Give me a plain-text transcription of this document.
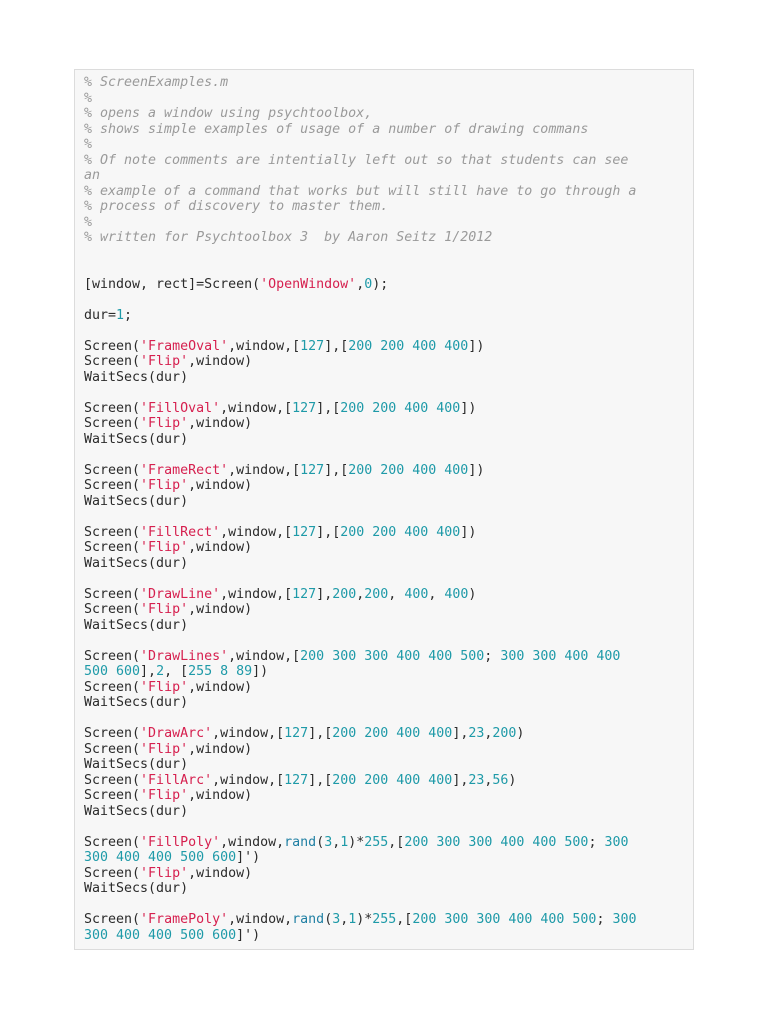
% ScreenExamples.m
%
% opens a window using psychtoolbox,
% shows simple examples of usage of a number of drawing commans
%
% Of note comments are intentially left out so that students can see
an
% example of a command that works but will still have to go through a
% process of discovery to master them.
%
% written for Psychtoolbox 3  by Aaron Seitz 1/2012

[window, rect]=Screen('OpenWindow',0);

dur=1;

Screen('FrameOval',window,[127],[200 200 400 400])
Screen('Flip',window)
WaitSecs(dur)

Screen('FillOval',window,[127],[200 200 400 400])
Screen('Flip',window)
WaitSecs(dur)

Screen('FrameRect',window,[127],[200 200 400 400])
Screen('Flip',window)
WaitSecs(dur)

Screen('FillRect',window,[127],[200 200 400 400])
Screen('Flip',window)
WaitSecs(dur)

Screen('DrawLine',window,[127],200,200, 400, 400)
Screen('Flip',window)
WaitSecs(dur)

Screen('DrawLines',window,[200 300 300 400 400 500; 300 300 400 400
500 600],2, [255 8 89])
Screen('Flip',window)
WaitSecs(dur)

Screen('DrawArc',window,[127],[200 200 400 400],23,200)
Screen('Flip',window)
WaitSecs(dur)
Screen('FillArc',window,[127],[200 200 400 400],23,56)
Screen('Flip',window)
WaitSecs(dur)

Screen('FillPoly',window,rand(3,1)*255,[200 300 300 400 400 500; 300
300 400 400 500 600]')
Screen('Flip',window)
WaitSecs(dur)

Screen('FramePoly',window,rand(3,1)*255,[200 300 300 400 400 500; 300
300 400 400 500 600]')
